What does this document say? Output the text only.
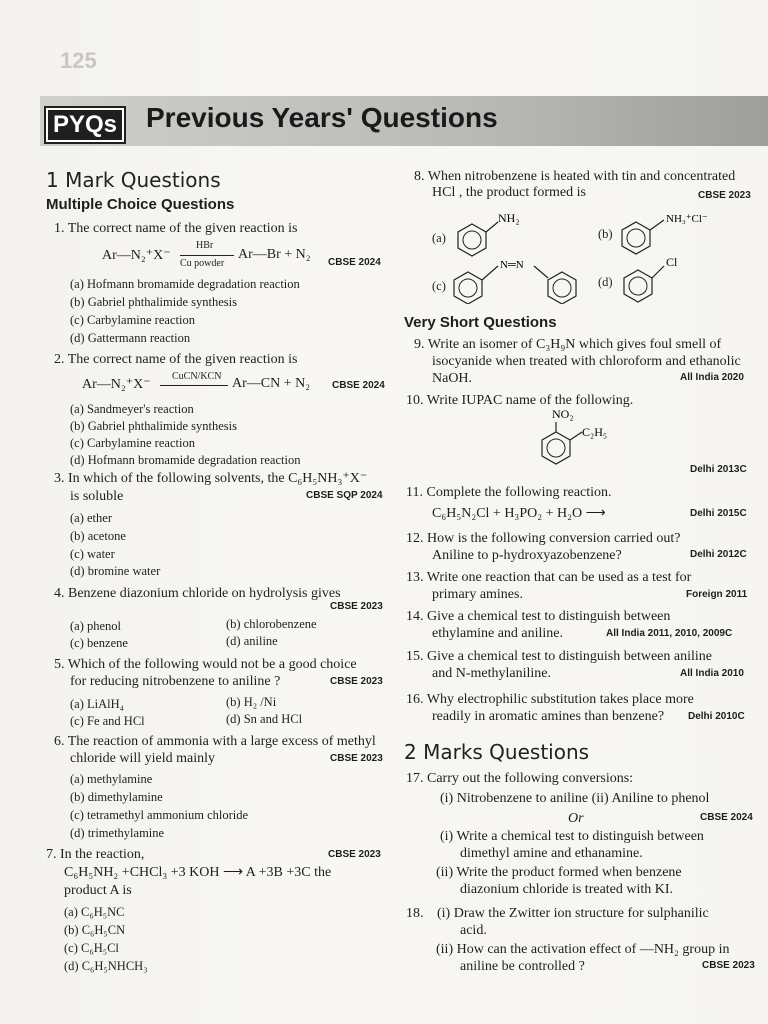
125
PYQs Previous Years' Questions
1 Mark Questions
Multiple Choice Questions
1. The correct name of the given reaction is
Ar—N₂⁺X⁻
HBr
Cu powder
Ar—Br + N₂
CBSE 2024
(a) Hofmann bromamide degradation reaction
(b) Gabriel phthalimide synthesis
(c) Carbylamine reaction
(d) Gattermann reaction
2. The correct name of the given reaction is
Ar—N₂⁺X⁻
CuCN/KCN Ar—CN + N₂ CBSE 2024
(a) Sandmeyer's reaction
(b) Gabriel phthalimide synthesis
(c) Carbylamine reaction
(d) Hofmann bromamide degradation reaction
3. In which of the following solvents, the C₆H₅NH₃⁺X⁻
is soluble	CBSE SQP 2024
(a) ether
(b) acetone
(c) water
(d) bromine water
4. Benzene diazonium chloride on hydrolysis gives
CBSE 2023
(a) phenol	(b) chlorobenzene
(c) benzene	(d) aniline
5. Which of the following would not be a good choice
for reducing nitrobenzene to aniline ?	CBSE 2023
(a) LiAlH₄	(b) H₂ /Ni
(c) Fe and HCl	(d) Sn and HCl
6. The reaction of ammonia with a large excess of methyl
chloride will yield mainly	CBSE 2023
(a) methylamine
(b) dimethylamine
(c) tetramethyl ammonium chloride
(d) trimethylamine
7. In the reaction,	CBSE 2023
C₆H₅NH₂ +CHCl₃ +3 KOH ⟶ A +3B +3C the
product A is
(a) C₆H₅NC
(b) C₆H₅CN
(c) C₆H₅Cl
(d) C₆H₅NHCH₃
8. When nitrobenzene is heated with tin and concentrated
HCl , the product formed is	CBSE 2023
(a)
NH₂
(b)
NH₃⁺Cl⁻
(c)
N═N
(d)
Cl
Very Short Questions
9. Write an isomer of C₃H₉N which gives foul smell of
isocyanide when treated with chloroform and ethanolic
NaOH.	All India 2020
10. Write IUPAC name of the following.
NO₂
C₂H₅
Delhi 2013C
11. Complete the following reaction.
C₆H₅N₂Cl + H₃PO₂ + H₂O ⟶	Delhi 2015C
12. How is the following conversion carried out?
Aniline to p-hydroxyazobenzene?	Delhi 2012C
13. Write one reaction that can be used as a test for
primary amines.	Foreign 2011
14. Give a chemical test to distinguish between
ethylamine and aniline.	All India 2011, 2010, 2009C
15. Give a chemical test to distinguish between aniline
and N-methylaniline.	All India 2010
16. Why electrophilic substitution takes place more
readily in aromatic amines than benzene? Delhi 2010C
2 Marks Questions
17. Carry out the following conversions:
(i) Nitrobenzene to aniline (ii) Aniline to phenol
Or	CBSE 2024
(i) Write a chemical test to distinguish between
dimethyl amine and ethanamine.
(ii) Write the product formed when benzene
diazonium chloride is treated with KI.
18. (i) Draw the Zwitter ion structure for sulphanilic
acid.
(ii) How can the activation effect of —NH₂ group in
aniline be controlled ?	CBSE 2023
